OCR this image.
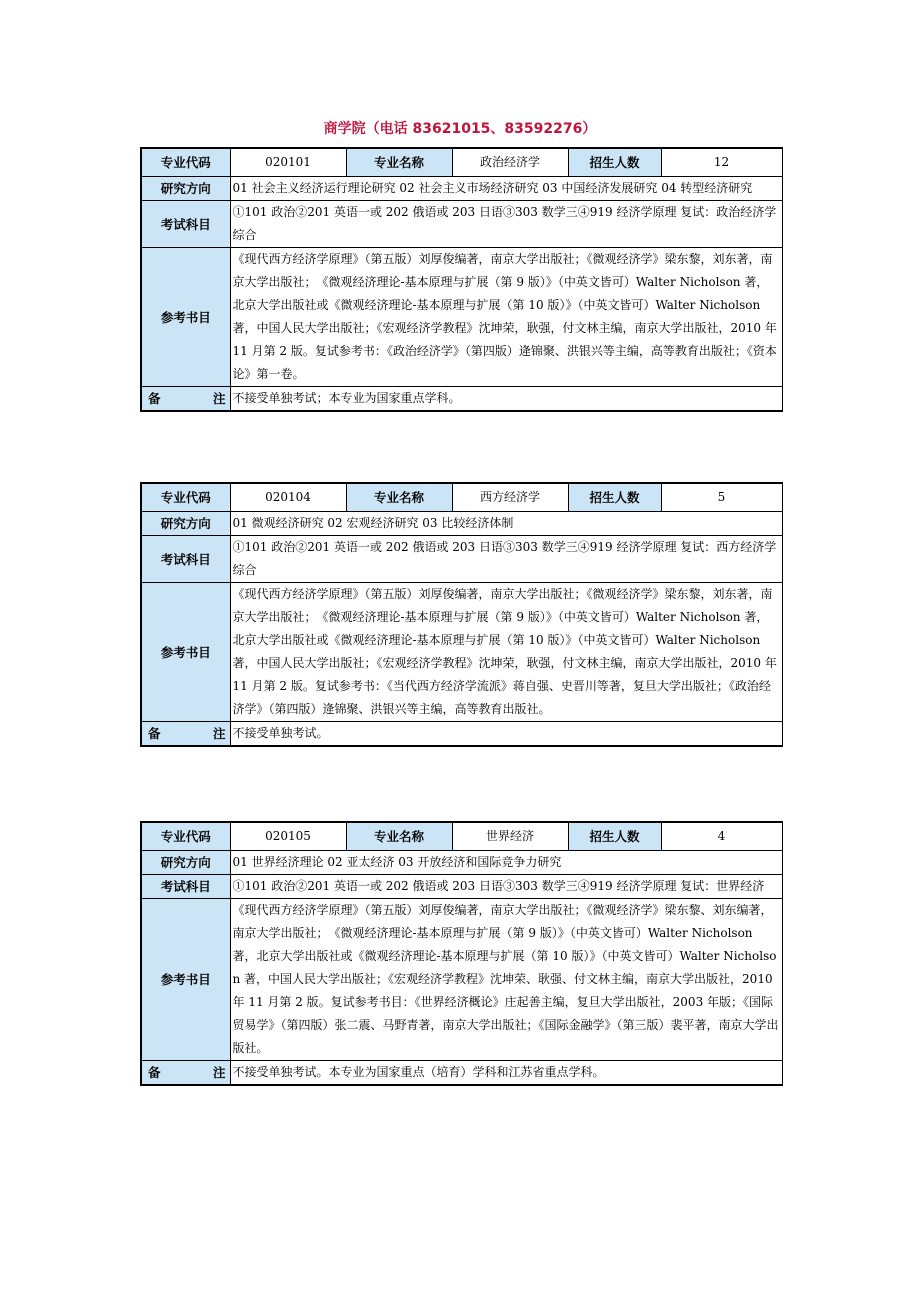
商学院（电话 83621015、83592276）
专业代码	020101	专业名称	政治经济学	招生人数	12
研究方向	01 社会主义经济运行理论研究 02 社会主义市场经济研究 03 中国经济发展研究 04 转型经济研究				
考试科目	①101 政治②201 英语一或 202 俄语或 203 日语③303 数学三④919 经济学原理 复试：政治经济学综合				
参考书目	《现代西方经济学原理》（第五版）刘厚俊编著，南京大学出版社；《微观经济学》梁东黎，刘东著，南京大学出版社；　《微观经济理论-基本原理与扩展（第 9 版）》（中英文皆可）Walter Nicholson 著，北京大学出版社或《微观经济理论-基本原理与扩展（第 10 版）》（中英文皆可）Walter Nicholson 著，中国人民大学出版社；《宏观经济学教程》沈坤荣，耿强，付文林主编，南京大学出版社，2010 年 11 月第 2 版。复试参考书：《政治经济学》（第四版）逄锦聚、洪银兴等主编，高等教育出版社；《资本论》第一卷。				

备 注	不接受单独考试；本专业为国家重点学科。				
专业代码	020104	专业名称	西方经济学	招生人数	5
研究方向	01 微观经济研究 02 宏观经济研究 03 比较经济体制				
考试科目	①101 政治②201 英语一或 202 俄语或 203 日语③303 数学三④919 经济学原理 复试：西方经济学综合				
参考书目	《现代西方经济学原理》（第五版）刘厚俊编著，南京大学出版社；《微观经济学》梁东黎，刘东著，南京大学出版社；　《微观经济理论-基本原理与扩展（第 9 版）》（中英文皆可）Walter Nicholson 著，北京大学出版社或《微观经济理论-基本原理与扩展（第 10 版）》（中英文皆可）Walter Nicholson 著，中国人民大学出版社；《宏观经济学教程》沈坤荣，耿强，付文林主编，南京大学出版社，2010 年 11 月第 2 版。复试参考书：《当代西方经济学流派》蒋自强、史晋川等著，复旦大学出版社；《政治经济学》（第四版）逄锦聚、洪银兴等主编，高等教育出版社。				

备 注	不接受单独考试。				
专业代码	020105	专业名称	世界经济	招生人数	4
研究方向	01 世界经济理论 02 亚太经济 03 开放经济和国际竞争力研究				
考试科目	①101 政治②201 英语一或 202 俄语或 203 日语③303 数学三④919 经济学原理 复试：世界经济				
参考书目	《现代西方经济学原理》（第五版）刘厚俊编著，南京大学出版社；《微观经济学》梁东黎、刘东编著，南京大学出版社；　《微观经济理论-基本原理与扩展（第 9 版）》（中英文皆可）Walter Nicholson 著，北京大学出版社或《微观经济理论-基本原理与扩展（第 10 版）》（中英文皆可）Walter Nicholson 著，中国人民大学出版社；《宏观经济学教程》沈坤荣、耿强、付文林主编，南京大学出版社，2010 年 11 月第 2 版。复试参考书目：《世界经济概论》庄起善主编，复旦大学出版社，2003 年版；《国际贸易学》（第四版）张二震、马野青著，南京大学出版社；《国际金融学》（第三版）裴平著，南京大学出版社。				

备 注	不接受单独考试。本专业为国家重点（培育）学科和江苏省重点学科。				
